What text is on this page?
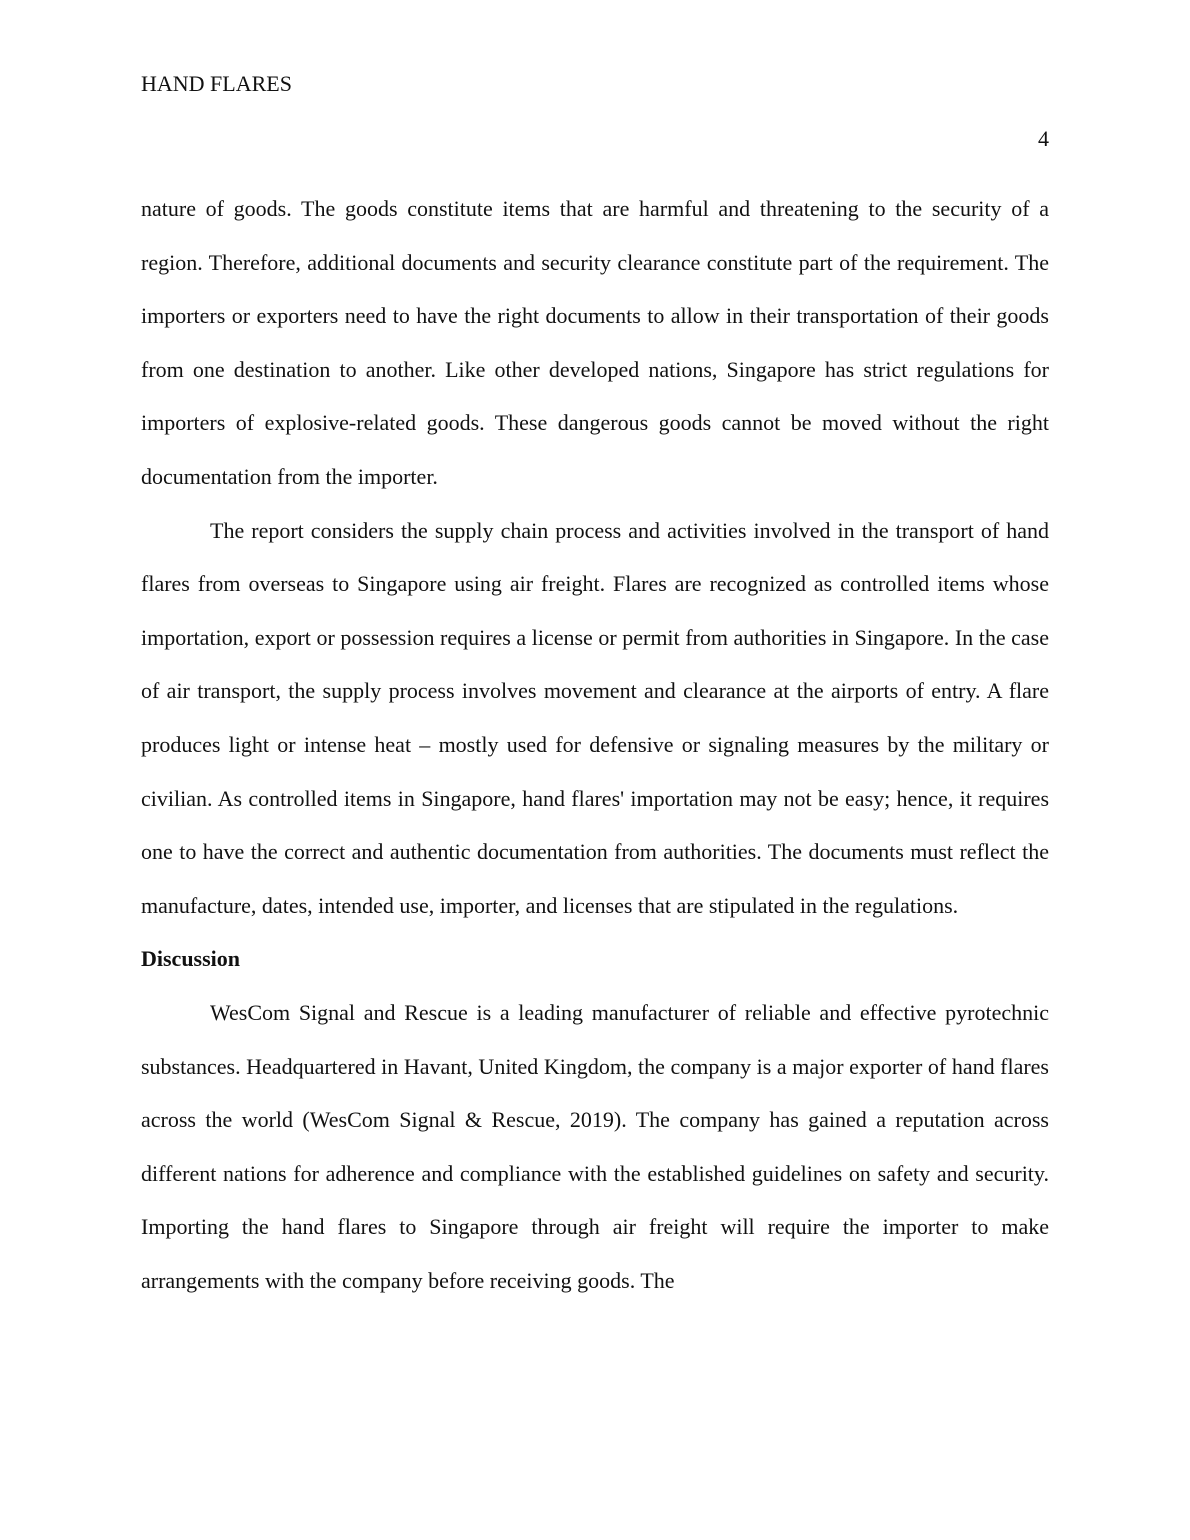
HAND FLARES
4

nature of goods. The goods constitute items that are harmful and threatening to the security of a region. Therefore, additional documents and security clearance constitute part of the requirement. The importers or exporters need to have the right documents to allow in their transportation of their goods from one destination to another. Like other developed nations, Singapore has strict regulations for importers of explosive-related goods. These dangerous goods cannot be moved without the right documentation from the importer.

The report considers the supply chain process and activities involved in the transport of hand flares from overseas to Singapore using air freight. Flares are recognized as controlled items whose importation, export or possession requires a license or permit from authorities in Singapore. In the case of air transport, the supply process involves movement and clearance at the airports of entry. A flare produces light or intense heat – mostly used for defensive or signaling measures by the military or civilian. As controlled items in Singapore, hand flares' importation may not be easy; hence, it requires one to have the correct and authentic documentation from authorities. The documents must reflect the manufacture, dates, intended use, importer, and licenses that are stipulated in the regulations.

Discussion

WesCom Signal and Rescue is a leading manufacturer of reliable and effective pyrotechnic substances. Headquartered in Havant, United Kingdom, the company is a major exporter of hand flares across the world (WesCom Signal & Rescue, 2019). The company has gained a reputation across different nations for adherence and compliance with the established guidelines on safety and security. Importing the hand flares to Singapore through air freight will require the importer to make arrangements with the company before receiving goods. The
